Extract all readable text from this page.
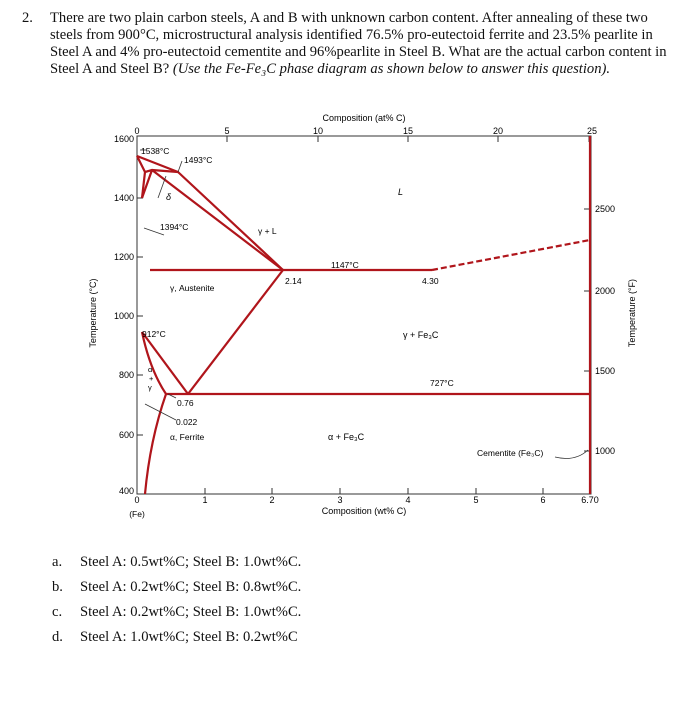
2. There are two plain carbon steels, A and B with unknown carbon content. After annealing of these two steels from 900°C, microstructural analysis identified 76.5% pro-eutectoid ferrite and 23.5% pearlite in Steel A and 4% pro-eutectoid cementite and 96%pearlite in Steel B. What are the actual carbon content in Steel A and Steel B? (Use the Fe-Fe₃C phase diagram as shown below to answer this question).
Composition (at% C)
Composition (wt% C)
Temperature (°C)	Temperature (°F)
0	5	10	15	20	25
0	1	2	3	4	5	6	6.70
(Fe)
1600
1400
1200
1000
800
600
400
2500
2000
1500
1000
1538°C
1493°C
δ
1394°C	γ + L
L
1147°C
2.14	4.30
γ, Austenite
912°C	γ + Fe₃C
727°C
α
+
γ
0.76
0.022
α, Ferrite	α + Fe₃C
Cementite (Fe₃C)
a.	Steel A: 0.5wt%C; Steel B: 1.0wt%C.
b.	Steel A: 0.2wt%C; Steel B: 0.8wt%C.
c.	Steel A: 0.2wt%C; Steel B: 1.0wt%C.
d.	Steel A: 1.0wt%C; Steel B: 0.2wt%C
